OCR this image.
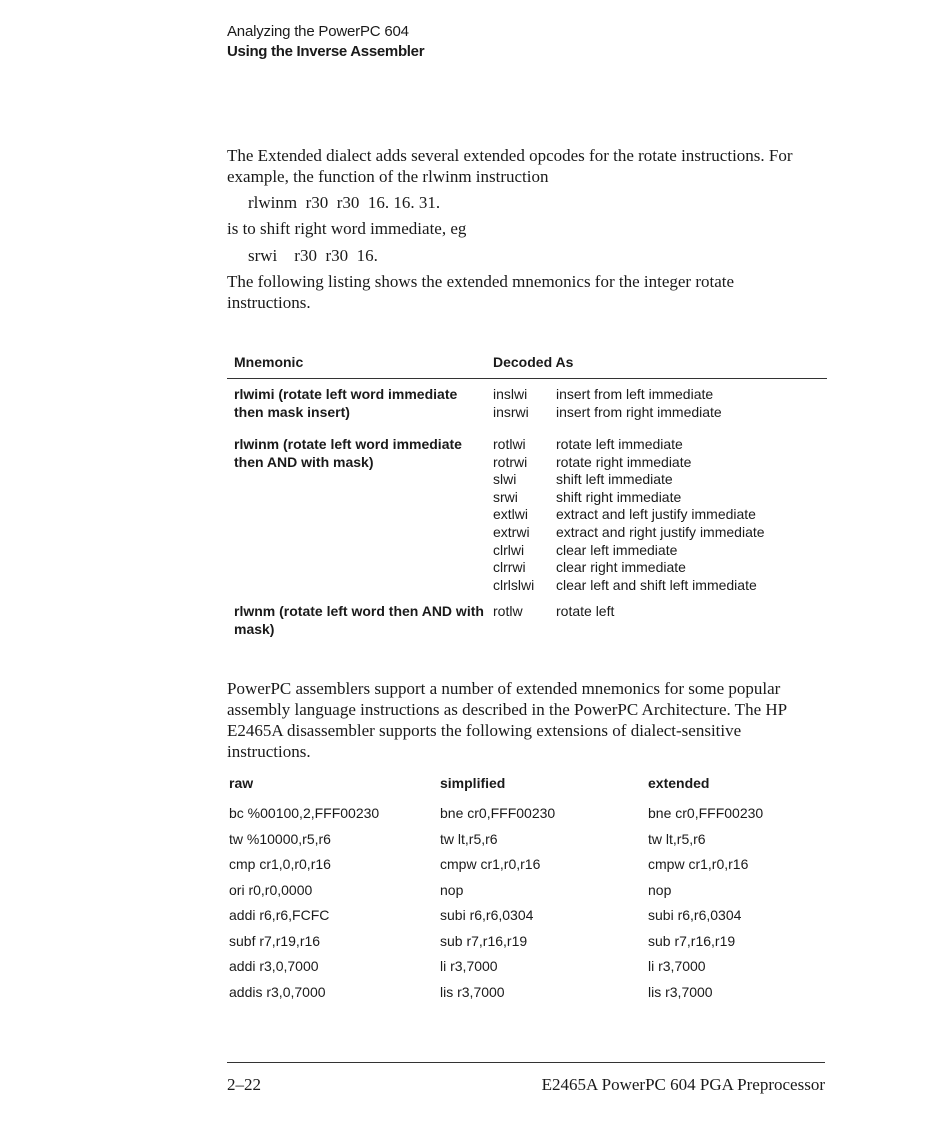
Analyzing the PowerPC 604
Using the Inverse Assembler
The Extended dialect adds several extended opcodes for the rotate instructions. For example, the function of the rlwinm instruction
rlwinm  r30  r30  16. 16. 31.
is to shift right word immediate, eg
srwi    r30  r30  16.
The following listing shows the extended mnemonics for the integer rotate instructions.
Mnemonic	Decoded As
rlwimi (rotate left word immediate then mask insert)
inslwi insert from left immediate
insrwi insert from right immediate
rlwinm (rotate left word immediate then AND with mask)
rotlwi rotate left immediate
rotrwi rotate right immediate
slwi	shift left immediate
srwi	shift right immediate
extlwi extract and left justify immediate
extrwi extract and right justify immediate
clrlwi clear left immediate
clrrwi clear right immediate
clrlslwi clear left and shift left immediate
rlwnm (rotate left word then AND with mask)
rotlw rotate left
PowerPC assemblers support a number of extended mnemonics for some popular assembly language instructions as described in the PowerPC Architecture. The HP E2465A disassembler supports the following extensions of dialect-sensitive instructions.
raw	simplified	extended
bc %00100,2,FFF00230	bne cr0,FFF00230	bne cr0,FFF00230
tw %10000,r5,r6	tw lt,r5,r6	tw lt,r5,r6
cmp cr1,0,r0,r16	cmpw cr1,r0,r16	cmpw cr1,r0,r16
ori r0,r0,0000	nop	nop
addi r6,r6,FCFC	subi r6,r6,0304	subi r6,r6,0304
subf r7,r19,r16	sub r7,r16,r19	sub r7,r16,r19
addi r3,0,7000	li r3,7000	li r3,7000
addis r3,0,7000	lis r3,7000	lis r3,7000
2–22	E2465A PowerPC 604 PGA Preprocessor
